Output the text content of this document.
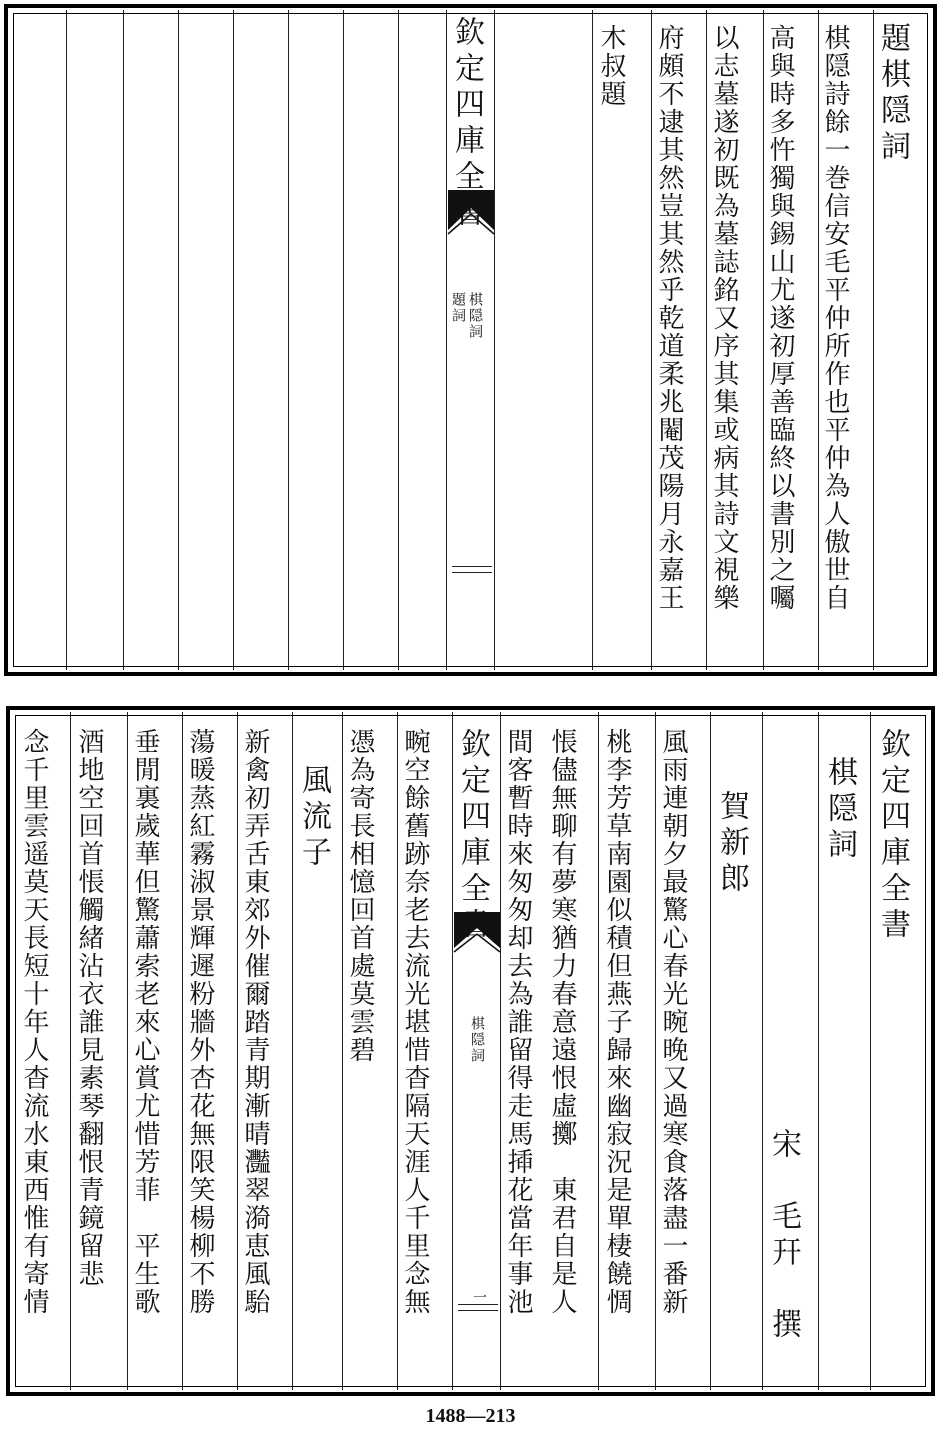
欽定四庫全書
棋隠詞
題詞
題棋隠詞
棋隠詩餘一巻信安毛平仲所作也平仲為人傲世自
高與時多忤獨與錫山尤遂初厚善臨終以書別之囑
以志墓遂初既為墓誌銘又序其集或病其詩文視樂
府頗不逮其然豈其然乎乾道柔兆閹茂陽月永嘉王
木叔題
欽定四庫全書
棋隠詞
一
欽定四庫全書
棋隠詞
宋　毛幵　撰
賀新郎
風雨連朝夕最驚心春光晼晚又過寒食落盡一番新
桃李芳草南園似積但燕子歸來幽寂況是單棲饒惆
悵儘無聊有夢寒猶力春意遠恨虛擲　東君自是人
間客暫時來匆匆却去為誰留得走馬揷花當年事池
畹空餘舊跡奈老去流光堪惜杳隔天涯人千里念無
憑為寄長相憶回首處莫雲碧
風流子
新禽初弄舌東郊外催爾踏青期漸晴灩翠漪恵風駘
蕩暖蒸紅霧淑景輝遲粉牆外杏花無限笑楊柳不勝
垂閒裏歲華但驚蕭索老來心賞尤惜芳菲　平生歌
酒地空回首悵觸緒沾衣誰見素琴翻恨青鏡留悲
念千里雲遥莫天長短十年人杳流水東西惟有寄情
1488—213
